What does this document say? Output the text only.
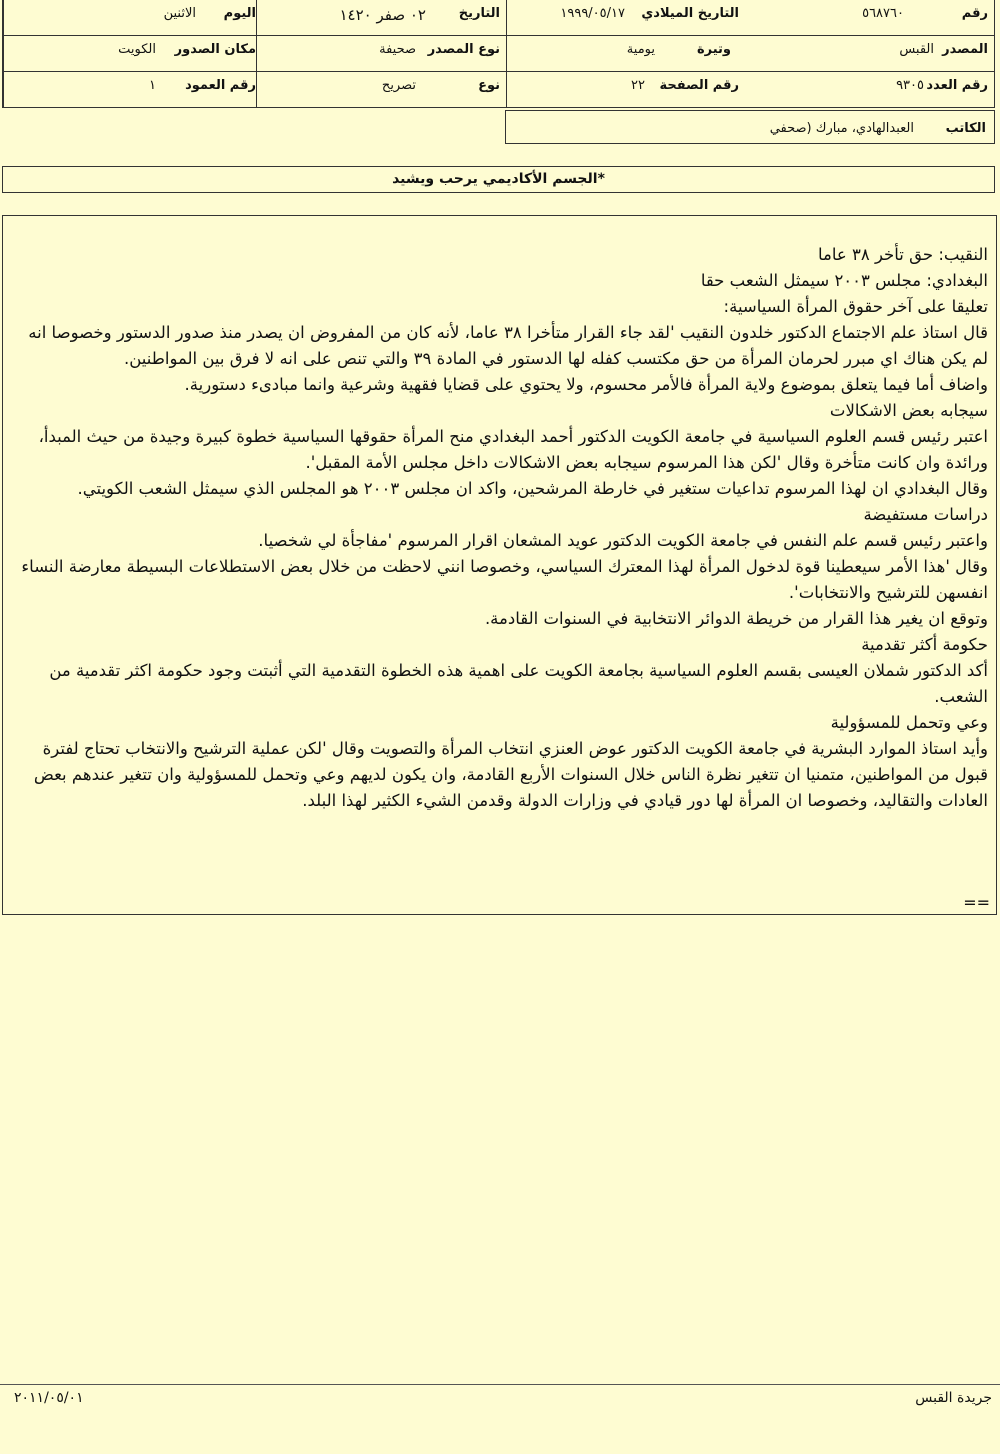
رقم
٥٦٨٧٦٠
التاريخ الميلادي
١٩٩٩/٠٥/١٧
التاريخ
٠٢ صفر ١٤٢٠
اليوم
الاثنين
المصدر
القبس
وتيرة
يومية
نوع المصدر
صحيفة
مكان الصدور
الكويت
رقم العدد
٩٣٠٥
رقم الصفحة
٢٢
نوع
تصريح
رقم العمود
١
الكاتب
العبدالهادي، مبارك (صحفي
*الجسم الأكاديمي يرحب ويشيد

النقيب: حق تأخر ٣٨ عاما

البغدادي: مجلس ٢٠٠٣ سيمثل الشعب حقا

تعليقا على آخر حقوق المرأة السياسية:

قال استاذ علم الاجتماع الدكتور خلدون النقيب 'لقد جاء القرار متأخرا ٣٨ عاما، لأنه كان من المفروض ان يصدر منذ صدور الدستور وخصوصا انه لم يكن هناك اي مبرر لحرمان المرأة من حق مكتسب كفله لها الدستور في المادة ٣٩ والتي تنص على انه لا فرق بين المواطنين.

واضاف أما فيما يتعلق بموضوع ولاية المرأة فالأمر محسوم، ولا يحتوي على قضايا فقهية وشرعية وانما مبادىء دستورية.

سيجابه بعض الاشكالات

اعتبر رئيس قسم العلوم السياسية في جامعة الكويت الدكتور أحمد البغدادي منح المرأة حقوقها السياسية خطوة كبيرة وجيدة من حيث المبدأ، ورائدة وان كانت متأخرة وقال 'لكن هذا المرسوم سيجابه بعض الاشكالات داخل مجلس الأمة المقبل'.

وقال البغدادي ان لهذا المرسوم تداعيات ستغير في خارطة المرشحين، واكد ان مجلس ٢٠٠٣ هو المجلس الذي سيمثل الشعب الكويتي.

دراسات مستفيضة

واعتبر رئيس قسم علم النفس في جامعة الكويت الدكتور عويد المشعان اقرار المرسوم 'مفاجأة لي شخصيا.

وقال 'هذا الأمر سيعطينا قوة لدخول المرأة لهذا المعترك السياسي، وخصوصا انني لاحظت من خلال بعض الاستطلاعات البسيطة معارضة النساء انفسهن للترشيح والانتخابات'.

وتوقع ان يغير هذا القرار من خريطة الدوائر الانتخابية في السنوات القادمة.

حكومة أكثر تقدمية

أكد الدكتور شملان العيسى بقسم العلوم السياسية بجامعة الكويت على اهمية هذه الخطوة التقدمية التي أثبتت وجود حكومة اكثر تقدمية من الشعب.

وعي وتحمل للمسؤولية

وأيد استاذ الموارد البشرية في جامعة الكويت الدكتور عوض العنزي انتخاب المرأة والتصويت وقال 'لكن عملية الترشيح والانتخاب تحتاج لفترة قبول من المواطنين، متمنيا ان تتغير نظرة الناس خلال السنوات الأربع القادمة، وان يكون لديهم وعي وتحمل للمسؤولية وان تتغير عندهم بعض العادات والتقاليد، وخصوصا ان المرأة لها دور قيادي في وزارات الدولة وقدمن الشيء الكثير لهذا البلد.

==
جريدة القبس
٢٠١١/٠٥/٠١
